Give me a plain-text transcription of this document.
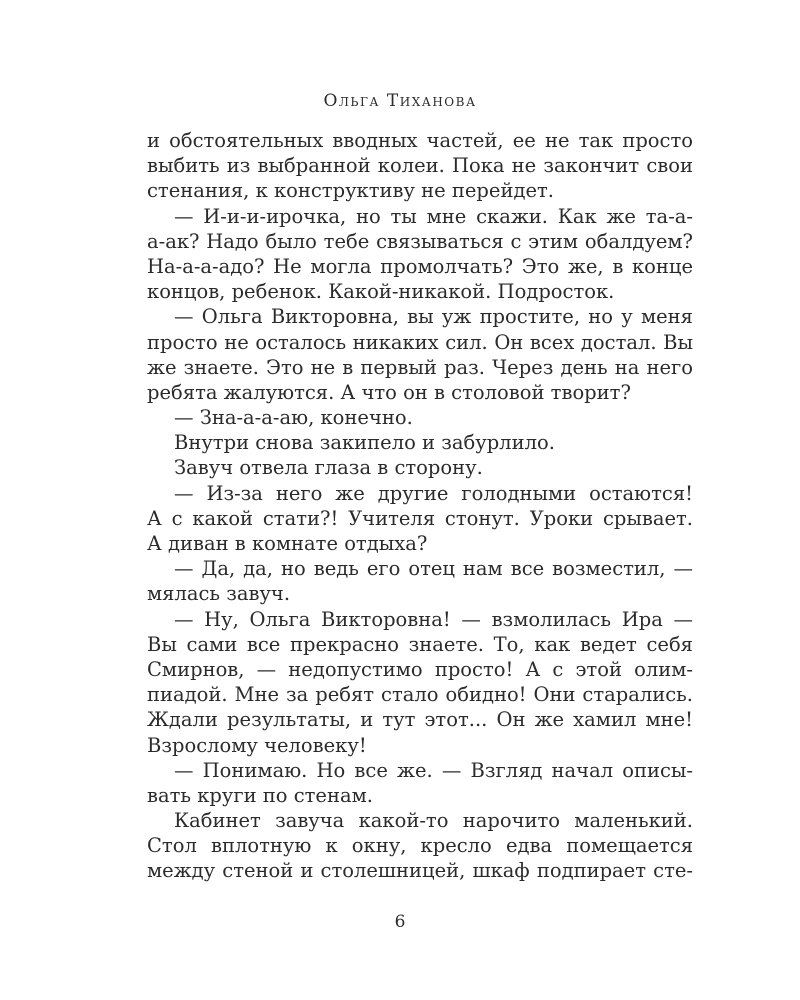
Ольга Тиханова
и обстоятельных вводных частей, ее не так просто
выбить из выбранной колеи. Пока не закончит свои
стенания, к конструктиву не перейдет.
— И-и-и-ирочка, но ты мне скажи. Как же та-а-
а-ак? Надо было тебе связываться с этим обалдуем?
На-а-а-адо? Не могла промолчать? Это же, в конце
концов, ребенок. Какой-никакой. Подросток.
— Ольга Викторовна, вы уж простите, но у меня
просто не осталось никаких сил. Он всех достал. Вы
же знаете. Это не в первый раз. Через день на него
ребята жалуются. А что он в столовой творит?
— Зна-а-а-аю, конечно.
Внутри снова закипело и забурлило.
Завуч отвела глаза в сторону.
— Из-за него же другие голодными остаются!
А с какой стати?! Учителя стонут. Уроки срывает.
А диван в комнате отдыха?
— Да, да, но ведь его отец нам все возместил, —
мялась завуч.
— Ну, Ольга Викторовна! — взмолилась Ира —
Вы сами все прекрасно знаете. То, как ведет себя
Смирнов, — недопустимо просто! А с этой олим-
пиадой. Мне за ребят стало обидно! Они старались.
Ждали результаты, и тут этот... Он же хамил мне!
Взрослому человеку!
— Понимаю. Но все же. — Взгляд начал описы-
вать круги по стенам.
Кабинет завуча какой-то нарочито маленький.
Стол вплотную к окну, кресло едва помещается
между стеной и столешницей, шкаф подпирает сте-
6
